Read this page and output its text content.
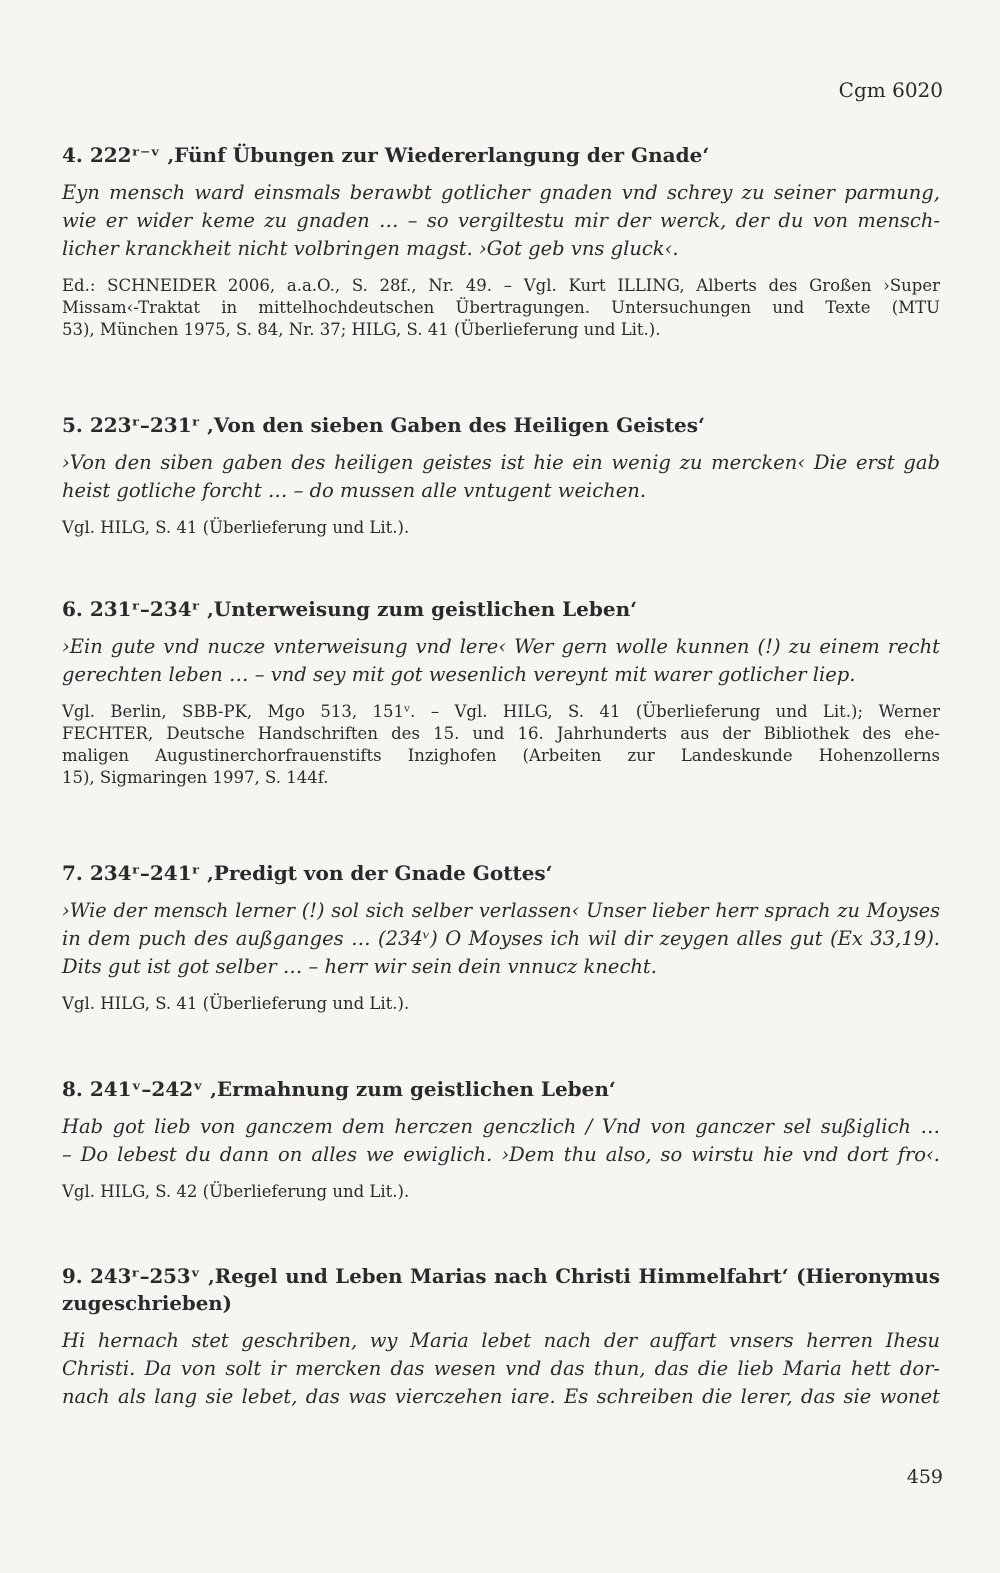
Cgm 6020

4. 222ʳ⁻ᵛ ‚Fünf Übungen zur Wiedererlangung der Gnade‘

Eyn mensch ward einsmals berawbt gotlicher gnaden vnd schrey zu seiner parmung,
wie er wider keme zu gnaden … – so vergiltestu mir der werck, der du von mensch-
licher kranckheit nicht volbringen magst. ›Got geb vns gluck‹.

Ed.: SCHNEIDER 2006, a.a.O., S. 28f., Nr. 49. – Vgl. Kurt ILLING, Alberts des Großen ›Super
Missam‹-Traktat in mittelhochdeutschen Übertragungen. Untersuchungen und Texte (MTU
53), München 1975, S. 84, Nr. 37; HILG, S. 41 (Überlieferung und Lit.).

5. 223ʳ–231ʳ ‚Von den sieben Gaben des Heiligen Geistes‘

›Von den siben gaben des heiligen geistes ist hie ein wenig zu mercken‹ Die erst gab
heist gotliche forcht … – do mussen alle vntugent weichen.

Vgl. HILG, S. 41 (Überlieferung und Lit.).

6. 231ʳ–234ʳ ‚Unterweisung zum geistlichen Leben‘

›Ein gute vnd nucze vnterweisung vnd lere‹ Wer gern wolle kunnen (!) zu einem recht
gerechten leben … – vnd sey mit got wesenlich vereynt mit warer gotlicher liep.

Vgl. Berlin, SBB-PK, Mgo 513, 151ᵛ. – Vgl. HILG, S. 41 (Überlieferung und Lit.); Werner
FECHTER, Deutsche Handschriften des 15. und 16. Jahrhunderts aus der Bibliothek des ehe-
maligen Augustinerchorfrauenstifts Inzighofen (Arbeiten zur Landeskunde Hohenzollerns
15), Sigmaringen 1997, S. 144f.

7. 234ʳ–241ʳ ‚Predigt von der Gnade Gottes‘

›Wie der mensch lerner (!) sol sich selber verlassen‹ Unser lieber herr sprach zu Moyses
in dem puch des außganges … (234ᵛ) O Moyses ich wil dir zeygen alles gut (Ex 33,19).
Dits gut ist got selber … – herr wir sein dein vnnucz knecht.

Vgl. HILG, S. 41 (Überlieferung und Lit.).

8. 241ᵛ–242ᵛ ‚Ermahnung zum geistlichen Leben‘

Hab got lieb von ganczem dem herczen genczlich / Vnd von ganczer sel sußiglich …
– Do lebest du dann on alles we ewiglich. ›Dem thu also, so wirstu hie vnd dort fro‹.

Vgl. HILG, S. 42 (Überlieferung und Lit.).

9. 243ʳ–253ᵛ ‚Regel und Leben Marias nach Christi Himmelfahrt‘ (Hieronymus
zugeschrieben)

Hi hernach stet geschriben, wy Maria lebet nach der auffart vnsers herren Ihesu
Christi. Da von solt ir mercken das wesen vnd das thun, das die lieb Maria hett dor-
nach als lang sie lebet, das was vierczehen iare. Es schreiben die lerer, das sie wonet

459
